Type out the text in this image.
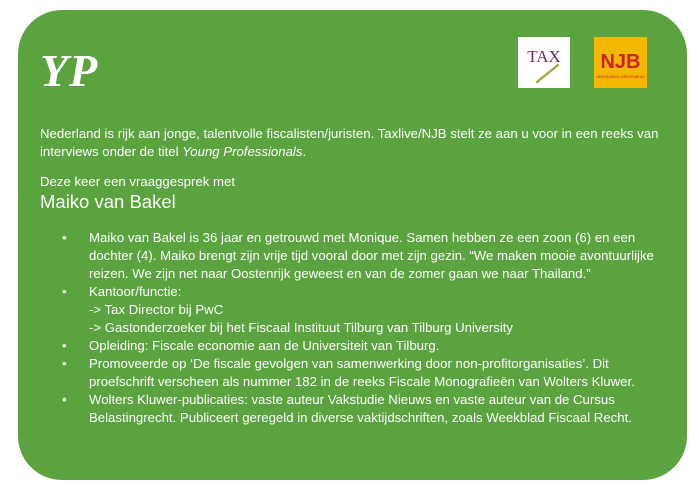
YP	TAX NJB
NEDERLANDS JURISTENBLAD
Nederland is rijk aan jonge, talentvolle fiscalisten/juristen. Taxlive/NJB stelt ze aan u voor in een reeks van interviews onder de titel Young Professionals.
Deze keer een vraaggesprek met
Maiko van Bakel
• Maiko van Bakel is 36 jaar en getrouwd met Monique. Samen hebben ze een zoon (6) en een dochter (4). Maiko brengt zijn vrije tijd vooral door met zijn gezin. “We maken mooie avontuurlijke reizen. We zijn net naar Oostenrijk geweest en van de zomer gaan we naar Thailand.”
• Kantoor/functie:
-> Tax Director bij PwC
-> Gastonderzoeker bij het Fiscaal Instituut Tilburg van Tilburg University
• Opleiding: Fiscale economie aan de Universiteit van Tilburg.
• Promoveerde op ‘De fiscale gevolgen van samenwerking door non-profitorganisaties’. Dit proefschrift verscheen als nummer 182 in de reeks Fiscale Monografieën van Wolters Kluwer.
• Wolters Kluwer-publicaties: vaste auteur Vakstudie Nieuws en vaste auteur van de Cursus Belastingrecht. Publiceert geregeld in diverse vaktijdschriften, zoals Weekblad Fiscaal Recht.
